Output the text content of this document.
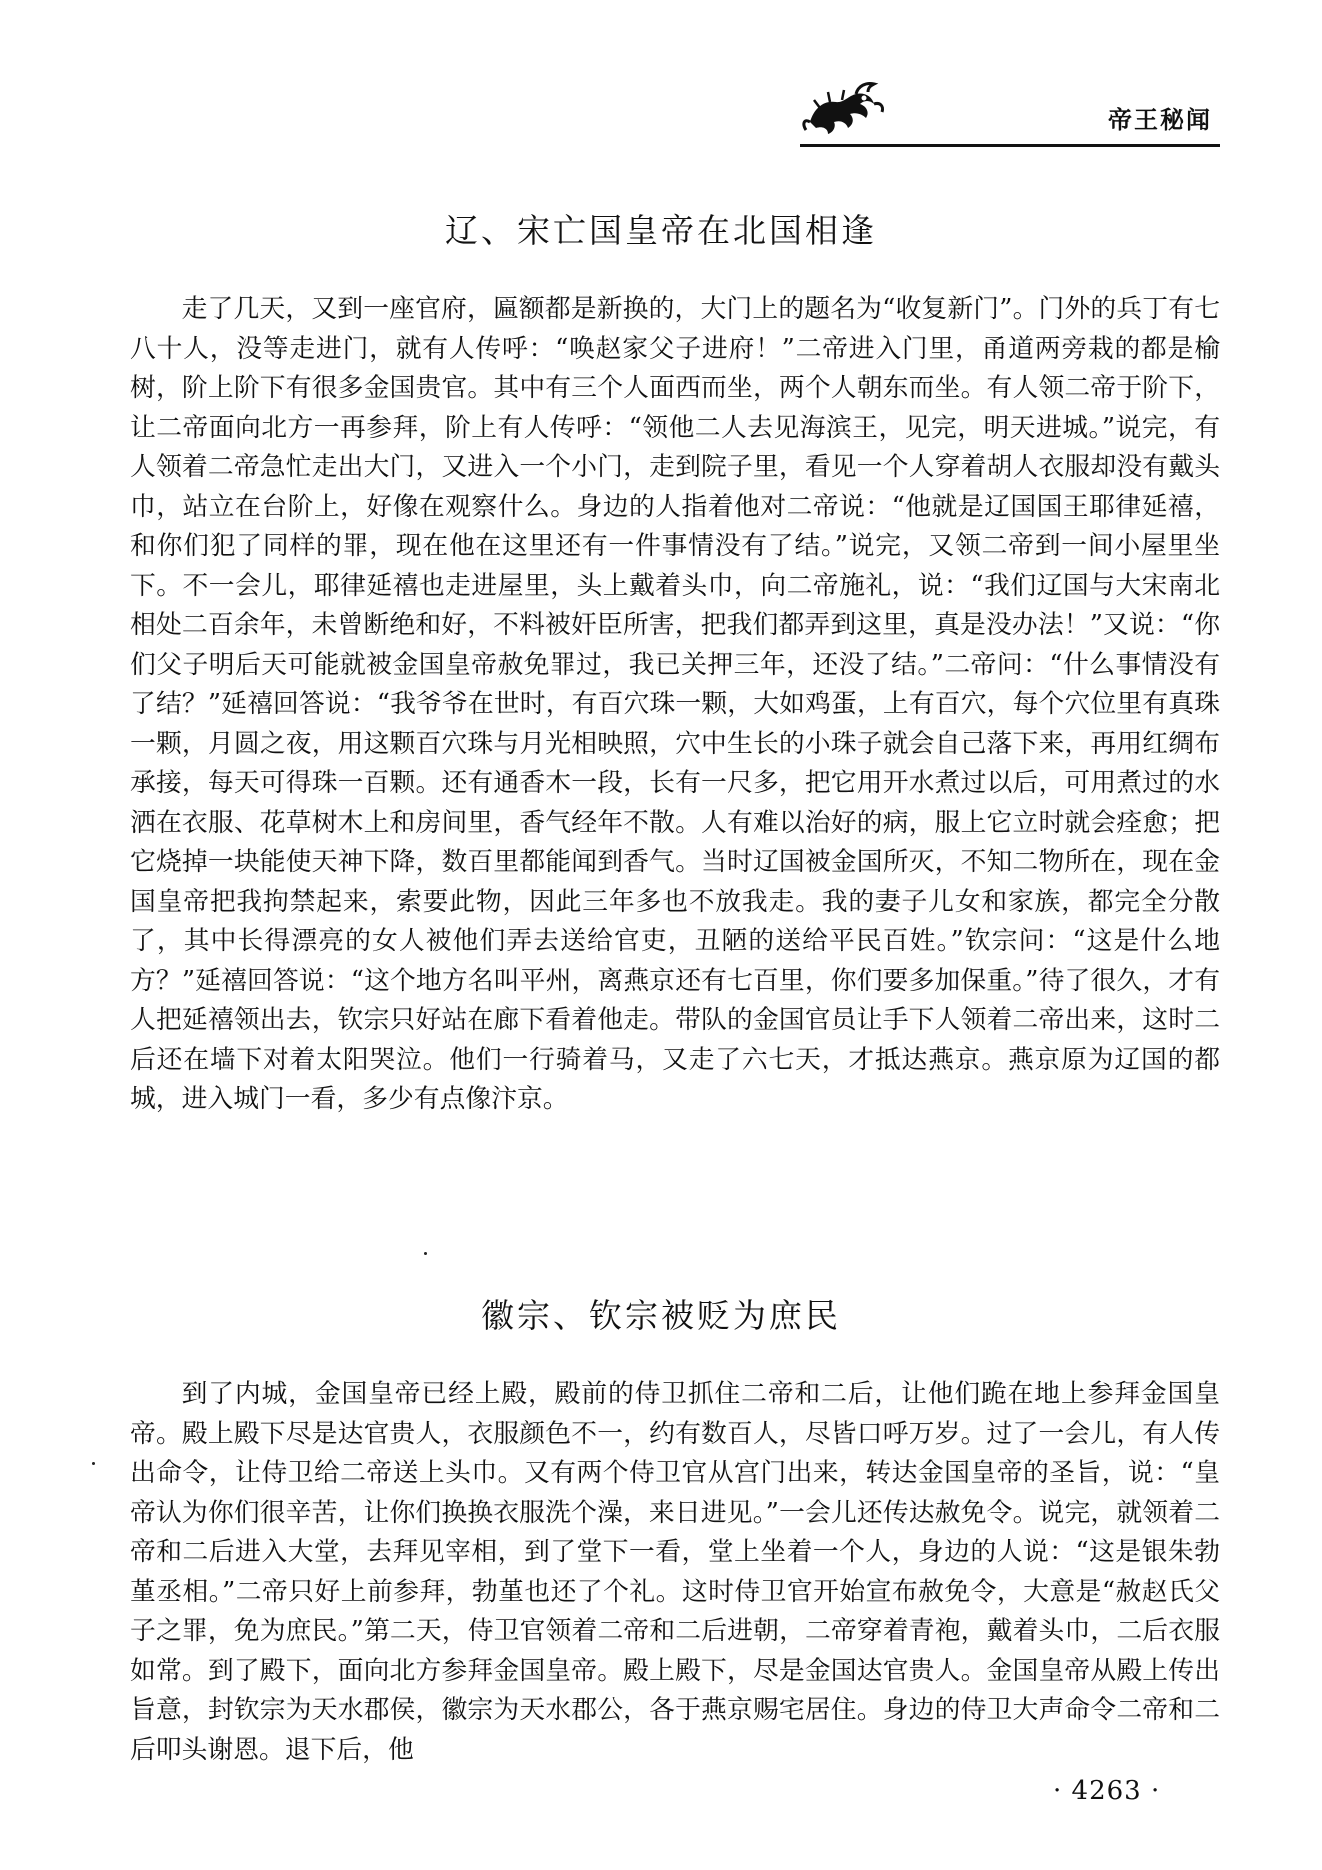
帝王秘闻
辽、宋亡国皇帝在北国相逢

走了几天，又到一座官府，匾额都是新换的，大门上的题名为“收复新门”。门外的兵丁有七八十人，没等走进门，就有人传呼：“唤赵家父子进府！”二帝进入门里，甬道两旁栽的都是榆树，阶上阶下有很多金国贵官。其中有三个人面西而坐，两个人朝东而坐。有人领二帝于阶下，让二帝面向北方一再参拜，阶上有人传呼：“领他二人去见海滨王，见完，明天进城。”说完，有人领着二帝急忙走出大门，又进入一个小门，走到院子里，看见一个人穿着胡人衣服却没有戴头巾，站立在台阶上，好像在观察什么。身边的人指着他对二帝说：“他就是辽国国王耶律延禧，和你们犯了同样的罪，现在他在这里还有一件事情没有了结。”说完，又领二帝到一间小屋里坐下。不一会儿，耶律延禧也走进屋里，头上戴着头巾，向二帝施礼，说：“我们辽国与大宋南北相处二百余年，未曾断绝和好，不料被奸臣所害，把我们都弄到这里，真是没办法！”又说：“你们父子明后天可能就被金国皇帝赦免罪过，我已关押三年，还没了结。”二帝问：“什么事情没有了结？”延禧回答说：“我爷爷在世时，有百穴珠一颗，大如鸡蛋，上有百穴，每个穴位里有真珠一颗，月圆之夜，用这颗百穴珠与月光相映照，穴中生长的小珠子就会自己落下来，再用红绸布承接，每天可得珠一百颗。还有通香木一段，长有一尺多，把它用开水煮过以后，可用煮过的水洒在衣服、花草树木上和房间里，香气经年不散。人有难以治好的病，服上它立时就会痊愈；把它烧掉一块能使天神下降，数百里都能闻到香气。当时辽国被金国所灭，不知二物所在，现在金国皇帝把我拘禁起来，索要此物，因此三年多也不放我走。我的妻子儿女和家族，都完全分散了，其中长得漂亮的女人被他们弄去送给官吏，丑陋的送给平民百姓。”钦宗问：“这是什么地方？”延禧回答说：“这个地方名叫平州，离燕京还有七百里，你们要多加保重。”待了很久，才有人把延禧领出去，钦宗只好站在廊下看着他走。带队的金国官员让手下人领着二帝出来，这时二后还在墙下对着太阳哭泣。他们一行骑着马，又走了六七天，才抵达燕京。燕京原为辽国的都城，进入城门一看，多少有点像汴京。

徽宗、钦宗被贬为庶民

到了内城，金国皇帝已经上殿，殿前的侍卫抓住二帝和二后，让他们跪在地上参拜金国皇帝。殿上殿下尽是达官贵人，衣服颜色不一，约有数百人，尽皆口呼万岁。过了一会儿，有人传出命令，让侍卫给二帝送上头巾。又有两个侍卫官从宫门出来，转达金国皇帝的圣旨，说：“皇帝认为你们很辛苦，让你们换换衣服洗个澡，来日进见。”一会儿还传达赦免令。说完，就领着二帝和二后进入大堂，去拜见宰相，到了堂下一看，堂上坐着一个人，身边的人说：“这是银朱勃堇丞相。”二帝只好上前参拜，勃堇也还了个礼。这时侍卫官开始宣布赦免令，大意是“赦赵氏父子之罪，免为庶民。”第二天，侍卫官领着二帝和二后进朝，二帝穿着青袍，戴着头巾，二后衣服如常。到了殿下，面向北方参拜金国皇帝。殿上殿下，尽是金国达官贵人。金国皇帝从殿上传出旨意，封钦宗为天水郡侯，徽宗为天水郡公，各于燕京赐宅居住。身边的侍卫大声命令二帝和二后叩头谢恩。退下后，他

· 4263 ·
